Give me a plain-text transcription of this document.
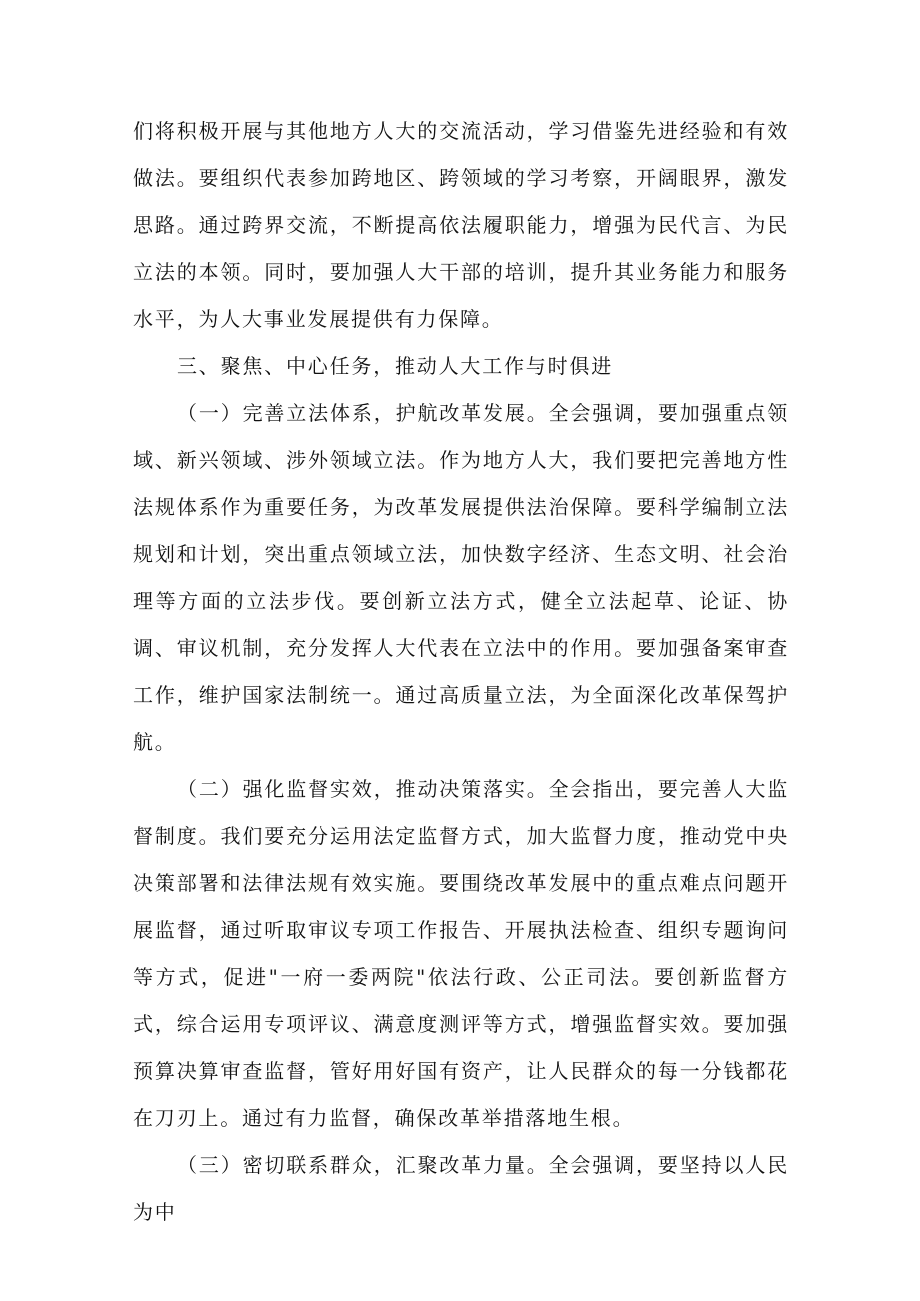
们将积极开展与其他地方人大的交流活动，学习借鉴先进经验和有效做法。要组织代表参加跨地区、跨领域的学习考察，开阔眼界，激发思路。通过跨界交流，不断提高依法履职能力，增强为民代言、为民立法的本领。同时，要加强人大干部的培训，提升其业务能力和服务水平，为人大事业发展提供有力保障。

三、聚焦、中心任务，推动人大工作与时俱进

（一）完善立法体系，护航改革发展。全会强调，要加强重点领域、新兴领域、涉外领域立法。作为地方人大，我们要把完善地方性法规体系作为重要任务，为改革发展提供法治保障。要科学编制立法规划和计划，突出重点领域立法，加快数字经济、生态文明、社会治理等方面的立法步伐。要创新立法方式，健全立法起草、论证、协调、审议机制，充分发挥人大代表在立法中的作用。要加强备案审查工作，维护国家法制统一。通过高质量立法，为全面深化改革保驾护航。

（二）强化监督实效，推动决策落实。全会指出，要完善人大监督制度。我们要充分运用法定监督方式，加大监督力度，推动党中央决策部署和法律法规有效实施。要围绕改革发展中的重点难点问题开展监督，通过听取审议专项工作报告、开展执法检查、组织专题询问等方式，促进"一府一委两院"依法行政、公正司法。要创新监督方式，综合运用专项评议、满意度测评等方式，增强监督实效。要加强预算决算审查监督，管好用好国有资产，让人民群众的每一分钱都花在刀刃上。通过有力监督，确保改革举措落地生根。

（三）密切联系群众，汇聚改革力量。全会强调，要坚持以人民为中
